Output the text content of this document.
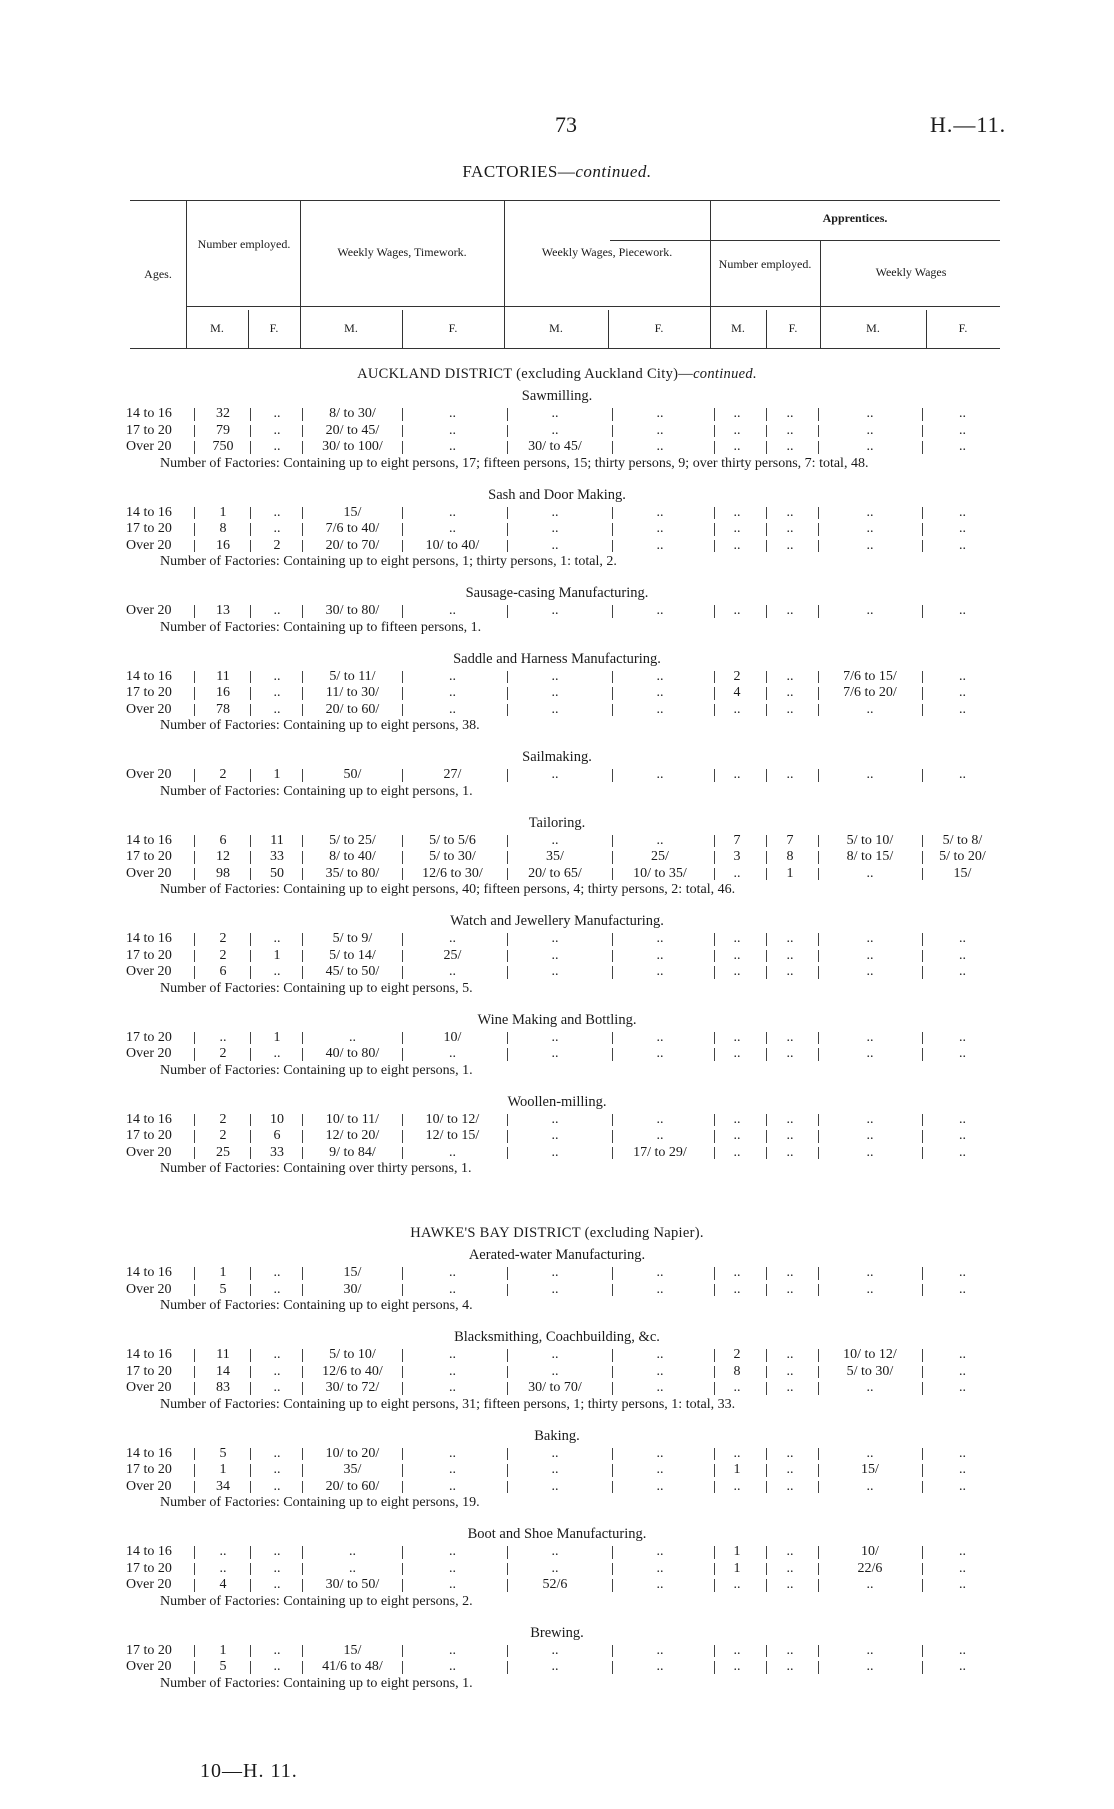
73	H.—11.
FACTORIES—continued.
Ages.
Number employed.
Weekly Wages, Timework.	Weekly Wages, Piecework.
Apprentices.
Number employed.
Weekly Wages
M.	F.	M.	F.	M.	F.	M.	F.	M.	F.
AUCKLAND DISTRICT (excluding Auckland City)—continued.
Sawmilling.
14 to 16	32	..	8/ to 30/	..	..	..	..	..	..	..
17 to 20	79	..	20/ to 45/	..	..	..	..	..	..	..
Over 20	750	..	30/ to 100/	..	30/ to 45/	..	..	..	..	..
Number of Factories: Containing up to eight persons, 17; fifteen persons, 15; thirty persons, 9; over thirty persons, 7: total, 48.
Sash and Door Making.
14 to 16	1	..	15/	..	..	..	..	..	..	..
17 to 20	8	..	7/6 to 40/	..	..	..	..	..	..	..
Over 20	16	2	20/ to 70/	10/ to 40/	..	..	..	..	..	..
Number of Factories: Containing up to eight persons, 1; thirty persons, 1: total, 2.
Sausage-casing Manufacturing.
Over 20	13	..	30/ to 80/	..	..	..	..	..	..	..
Number of Factories: Containing up to fifteen persons, 1.
Saddle and Harness Manufacturing.
14 to 16	11	..	5/ to 11/	..	..	..	2	..	7/6 to 15/	..
17 to 20	16	..	11/ to 30/	..	..	..	4	..	7/6 to 20/	..
Over 20	78	..	20/ to 60/	..	..	..	..	..	..	..
Number of Factories: Containing up to eight persons, 38.
Sailmaking.
Over 20	2	1	50/	27/	..	..	..	..	..	..
Number of Factories: Containing up to eight persons, 1.
Tailoring.
14 to 16	6	11	5/ to 25/	5/ to 5/6	..	..	7	7	5/ to 10/	5/ to 8/
17 to 20	12	33	8/ to 40/	5/ to 30/	35/	25/	3	8	8/ to 15/	5/ to 20/
Over 20	98	50	35/ to 80/	12/6 to 30/	20/ to 65/	10/ to 35/	..	1	..	15/
Number of Factories: Containing up to eight persons, 40; fifteen persons, 4; thirty persons, 2: total, 46.
Watch and Jewellery Manufacturing.
14 to 16	2	..	5/ to 9/	..	..	..	..	..	..	..
17 to 20	2	1	5/ to 14/	25/	..	..	..	..	..	..
Over 20	6	..	45/ to 50/	..	..	..	..	..	..	..
Number of Factories: Containing up to eight persons, 5.
Wine Making and Bottling.
17 to 20	..	1	..	10/	..	..	..	..	..	..
Over 20	2	..	40/ to 80/	..	..	..	..	..	..	..
Number of Factories: Containing up to eight persons, 1.
Woollen-milling.
14 to 16	2	10	10/ to 11/	10/ to 12/	..	..	..	..	..	..
17 to 20	2	6	12/ to 20/	12/ to 15/	..	..	..	..	..	..
Over 20	25	33	9/ to 84/	..	..	17/ to 29/	..	..	..	..
Number of Factories: Containing over thirty persons, 1.
HAWKE'S BAY DISTRICT (excluding Napier).
Aerated-water Manufacturing.
14 to 16	1	..	15/	..	..	..	..	..	..	..
Over 20	5	..	30/	..	..	..	..	..	..	..
Number of Factories: Containing up to eight persons, 4.
Blacksmithing, Coachbuilding, &c.
14 to 16	11	..	5/ to 10/	..	..	..	2	..	10/ to 12/	..
17 to 20	14	..	12/6 to 40/	..	..	..	8	..	5/ to 30/	..
Over 20	83	..	30/ to 72/	..	30/ to 70/	..	..	..	..	..
Number of Factories: Containing up to eight persons, 31; fifteen persons, 1; thirty persons, 1: total, 33.
Baking.
14 to 16	5	..	10/ to 20/	..	..	..	..	..	..	..
17 to 20	1	..	35/	..	..	..	1	..	15/	..
Over 20	34	..	20/ to 60/	..	..	..	..	..	..	..
Number of Factories: Containing up to eight persons, 19.
Boot and Shoe Manufacturing.
14 to 16	..	..	..	..	..	..	1	..	10/	..
17 to 20	..	..	..	..	..	..	1	..	22/6	..
Over 20	4	..	30/ to 50/	..	52/6	..	..	..	..	..
Number of Factories: Containing up to eight persons, 2.
Brewing.
17 to 20	1	..	15/	..	..	..	..	..	..	..
Over 20	5	..	41/6 to 48/	..	..	..	..	..	..	..
Number of Factories: Containing up to eight persons, 1.
10—H. 11.
